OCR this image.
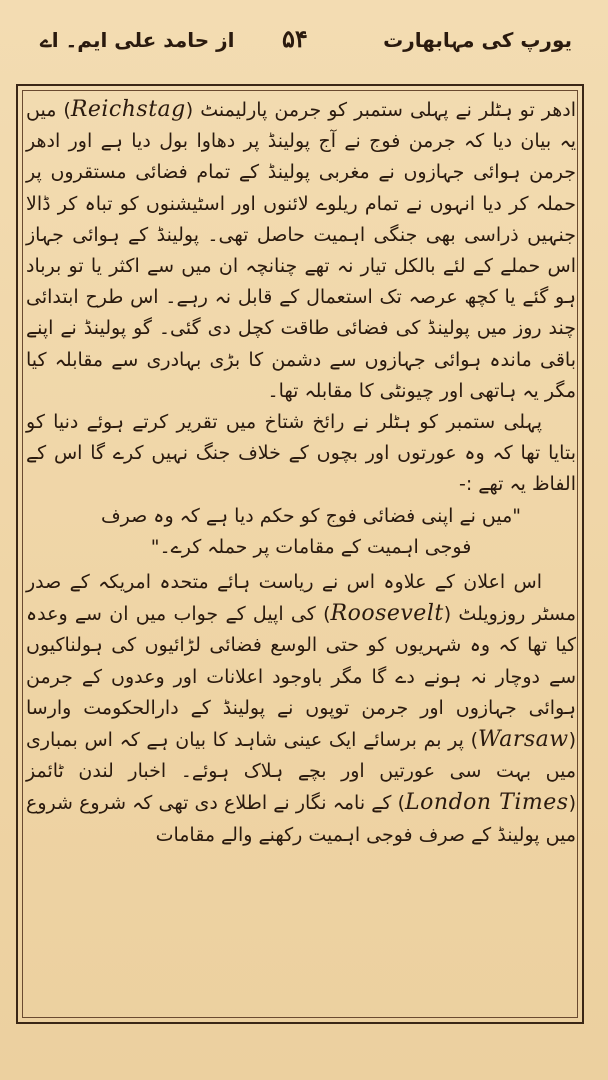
یورپ کی مہابھارت
۵۴
از حامد علی ایم۔ اے

ادھر تو ہٹلر نے پہلی ستمبر کو جرمن پارلیمنٹ (Reichstag) میں یہ بیان دیا کہ جرمن فوج نے آج پولینڈ پر دھاوا بول دیا ہے اور ادھر جرمن ہوائی جہازوں نے مغربی پولینڈ کے تمام فضائی مستقروں پر حملہ کر دیا انہوں نے تمام ریلوے لائنوں اور اسٹیشنوں کو تباہ کر ڈالا جنہیں ذراسی بھی جنگی اہمیت حاصل تھی۔ پولینڈ کے ہوائی جہاز اس حملے کے لئے بالکل تیار نہ تھے چنانچہ ان میں سے اکثر یا تو برباد ہو گئے یا کچھ عرصہ تک استعمال کے قابل نہ رہے۔ اس طرح ابتدائی چند روز میں پولینڈ کی فضائی طاقت کچل دی گئی۔ گو پولینڈ نے اپنے باقی ماندہ ہوائی جہازوں سے دشمن کا بڑی بہادری سے مقابلہ کیا مگر یہ ہاتھی اور چیونٹی کا مقابلہ تھا۔

پہلی ستمبر کو ہٹلر نے رائخ شتاخ میں تقریر کرتے ہوئے دنیا کو بتایا تھا کہ وہ عورتوں اور بچوں کے خلاف جنگ نہیں کرے گا اس کے الفاظ یہ تھے :-

"میں نے اپنی فضائی فوج کو حکم دیا ہے کہ وہ صرف
فوجی اہمیت کے مقامات پر حملہ کرے۔"

اس اعلان کے علاوہ اس نے ریاست ہائے متحدہ امریکہ کے صدر مسٹر روزویلٹ (Roosevelt) کی اپیل کے جواب میں ان سے وعدہ کیا تھا کہ وہ شہریوں کو حتی الوسع فضائی لڑائیوں کی ہولناکیوں سے دوچار نہ ہونے دے گا مگر باوجود اعلانات اور وعدوں کے جرمن ہوائی جہازوں اور جرمن توپوں نے پولینڈ کے دارالحکومت وارسا (Warsaw) پر بم برسائے ایک عینی شاہد کا بیان ہے کہ اس بمباری میں بہت سی عورتیں اور بچے ہلاک ہوئے۔ اخبار لندن ٹائمز (London Times) کے نامہ نگار نے اطلاع دی تھی کہ شروع شروع میں پولینڈ کے صرف فوجی اہمیت رکھنے والے مقامات
